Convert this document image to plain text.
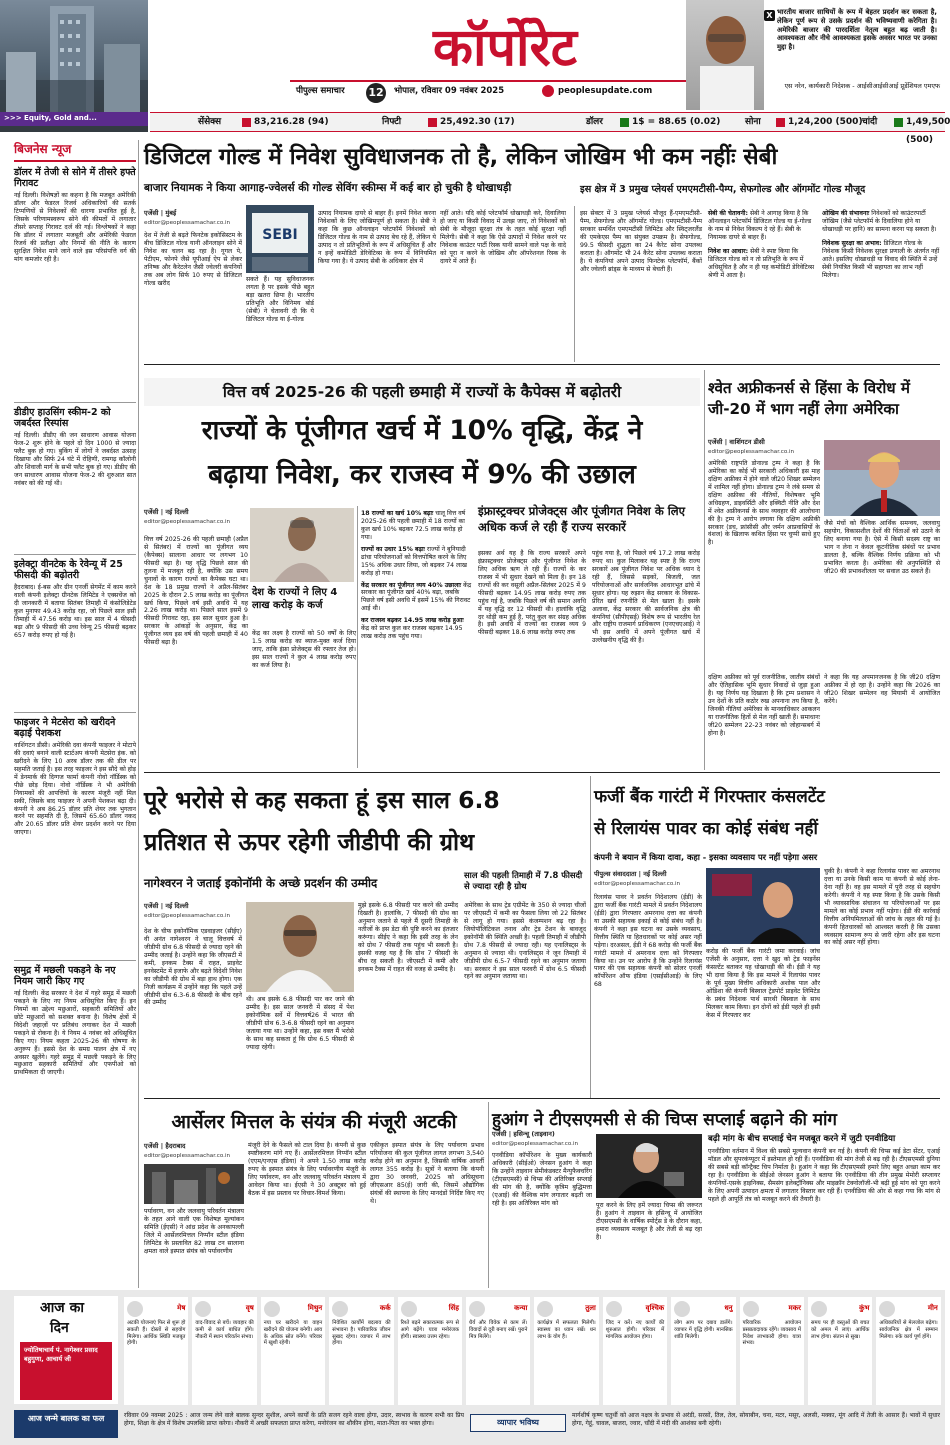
>>> Equity, Gold and...
कॉर्पोरेट
पीपुल्स समाचार 12 भोपाल, रविवार 09 नवंबर 2025	peoplesupdate.com
X भारतीय बाजार साथियों के रूप में बेहतर प्रदर्शन कर सकता है, लेकिन पूर्ण रूप से उसके प्रदर्शन की भविष्यवाणी करेगिता है। अमेरिकी बाजार की पारदर्शिता नेतृत्व बहुत बढ़ जाती है। आवश्यकता और नीचे आवश्यकता इसके अवसर भारत पर उनका मुद्दा है।
एस नरेन, कार्यकारी निदेशक - आईसीआईसीआई प्रूडेंशियल एमएफ
सेंसेक्स	83,216.28 (94)	निफ्टी	25,492.30 (17)	डॉलर	1$ = 88.65 (0.02)	सोना	1,24,200 (500) चांदी	1,49,500 (500)
बिजनेस न्यूज
डॉलर में तेजी से सोने में तीसरे हफ्ते गिरावट
नई दिल्ली। विशेषज्ञों का कहना है कि मजबूत अमेरिकी डॉलर और फेडरल रिजर्व अधिकारियों की सतर्क टिप्पणियों से निवेशकों की धारणा प्रभावित हुई है, जिसके परिणामस्वरूप सोने की कीमतों में लगातार तीसरे सप्ताह गिरावट दर्ज की गई। विश्लेषकों ने कहा कि डॉलर में लगातार मजबूती और अमेरिकी फेडरल रिजर्व की प्रतीक्षा और निगमों की नीति के कारण सुरक्षित निवेश माने जाने वाले इस परिसंपत्ति वर्ग की मांग कमजोर रही है।
डीडीए हाउसिंग स्कीम-2 को जबर्दस्त रिस्पांस
नई दिल्ली। डीडीए की जन साधारण आवास योजना फेज-2 शुरू होने के पहले दो दिन 1000 से ज्यादा फ्लैट बुक हो गए। बुकिंग में लोगों ने जबर्दस्त उत्साह दिखाया और सिर्फ 24 घंटे में रोहिणी, रामगढ़ कॉलोनी और शिवाजी मार्ग के सभी फ्लैट बुक हो गए। डीडीए की जन साधारण आवास योजना फेज-2 की शुरुआत सात नवंबर को की गई थी।
इलेक्ट्रा वीनटेक के रेवेन्यू में 25 फीसदी की बढ़ोतरी
हैदराबाद। ई-बस और ग्रीन एनर्जी सेगमेंट में काम करने वाली कंपनी इलेक्ट्रा ग्रीनटेक लिमिटेड ने एक्सचेंज को दी जानकारी में बताया सितंबर तिमाही में कंसोलिडेटेड कुल मुनाफा 49.43 करोड़ रहा, जो पिछले साल इसी तिमाही में 47.56 करोड़ था। इस साल में 4 फीसदी बढ़ा और 9 फीसदी की उच्च रेवेन्यू 25 फीसदी बढ़कर 657 करोड़ रुपए हो गई है।
फाइजर ने मेटसेरा को खरीदने बढ़ाई पेशकश
वाशिंगटन डीसी। अमेरिकी दवा कंपनी फाइजर ने मोटापे की दवाएं बनाने वाली स्टार्टअप कंपनी मेटसेरा इंक. को खरीदने के लिए 10 अरब डॉलर तक की डील पर सहमति जताई है। इस तरह फाइजर ने इस सौदे को होड़ में डेनमार्क की दिग्गज फार्मा कंपनी नोवो नॉर्डिस्क को पीछे छोड़ दिया। नोवो नॉर्डिस्क ने भी अमेरिकी नियामकों की आपत्तियों के कारण मंजूरी नहीं मिल सकी, जिसके बाद फाइजर ने अपनी पेशकश बढ़ा दी। कंपनी ने अब 86.25 डॉलर प्रति शेयर तक भुगतान करने पर सहमति दी है, जिसमें 65.60 डॉलर नकद और 20.65 डॉलर प्रति शेयर प्रदर्शन करने पर दिया जाएगा।
समुद्र में मछली पकड़ने के नए नियम जारी किए गए
नई दिल्ली। केंद्र सरकार ने देश में गहरे समुद्र में मछली पकड़ने के लिए नए नियम अधिसूचित किए हैं। इन नियमों का उद्देश्य मछुआरों, सहकारी समितियों और छोटे मछुआरों को सशक्त बनाना है। विशेष क्षेत्रों में विदेशी जहाज़ों पर प्रतिबंध लगाकर देश में मछली पकड़ने से रोकना है। ये नियम 4 नवंबर को अधिसूचित किए गए। नियम कहता 2025-26 की घोषणा के अनुरूप हैं। इससे देश के समग्र पालन क्षेत्र में नए अवसर खुलेंगे। गहरे समुद्र में मछली पकड़ने के लिए मछुआरा सहकारी समितियों और एफपीओ को प्राथमिकता दी जाएगी।
डिजिटल गोल्ड में निवेश सुविधाजनक तो है, लेकिन जोखिम भी कम नहींः सेबी
बाजार नियामक ने किया आगाह-ज्वेलर्स की गोल्ड सेविंग स्कीम्स में कई बार हो चुकी है धोखाधड़ी	इस क्षेत्र में 3 प्रमुख प्लेयर्स एमएमटीसी-पैम्प, सेफगोल्ड और ऑगमोंट गोल्ड मौजूद
एजेंसी | मुंबई
editor@peoplessamachar.co.in
SEBI
देश में तेजी से बढ़ते फिनटेक इकोसिस्टम के बीच डिजिटल गोल्ड यानी ऑनलाइन सोने में निवेश का चलन बढ़ रहा है। गूगल पे, पेटीएम, फोनपे जैसे यूपीआई ऐप से लेकर तनिष्क और कैरेटलेन जैसी ज्वेलरी कंपनियों तक अब लोग सिर्फ 10 रुपए से डिजिटल गोल्ड खरीद
सकते हैं। यह सुविधाजनक लगता है पर इसके पीछे बहुत बड़ा खतरा छिपा है। भारतीय प्रतिभूति और विनिमय बोर्ड (सेबी) ने चेतावनी दी कि ये डिजिटल गोल्ड या ई-गोल्ड
उत्पाद नियामक दायरे से बाहर हैं। इनमें निवेश करना निवेशकों के लिए जोखिमपूर्ण हो सकता है। सेबी ने कहा कि कुछ ऑनलाइन प्लेटफॉर्म निवेशकों को डिजिटल गोल्ड के नाम से उत्पाद बेच रहे हैं, लेकिन ये उत्पाद न तो प्रतिभूतियों के रूप में अधिसूचित हैं और न इन्हें कमोडिटी डेरिवेटिव्स के रूप में विनियमित किया गया है। ये उत्पाद सेबी के अधिकार क्षेत्र में
नहीं आते। यदि कोई प्लेटफॉर्म धोखाधड़ी करे, दिवालिया हो जाए या किसी विवाद में उलझ जाए, तो निवेशकों को सेबी के मौजूदा सुरक्षा तंत्र के तहत कोई सुरक्षा नहीं मिलेगी। सेबी ने कहा कि ऐसे उत्पादों में निवेश करने पर निवेशक काउंटर पार्टी रिस्क यानी सामने वाले पक्ष के वादे को पूरा न करने के जोखिम और ऑपरेशनल रिस्क के दायरे में आते हैं।
इस सेक्टर में 3 प्रमुख प्लेयर्स मौजूद हैं-एमएमटीसी-पैम्प, सेफगोल्ड और ऑगमोंट गोल्ड। एमएमटीसी-पैम्प सरकार समर्थित एमएमटीसी लिमिटेड और स्विट्जरलैंड की एमकेएस पैम्प का संयुक्त उपक्रम है। सेफगोल्ड, 99.5 फीसदी शुद्धता का 24 कैरेट सोना उपलब्ध कराता है। ऑगमोंट भी 24 कैरेट सोना उपलब्ध कराता है। ये कंपनियां अपने उत्पाद फिनटेक प्लेटफॉर्म, बैंकों और ज्वेलरी ब्रांड्स के माध्यम से बेचती हैं।
सेबी की चेतावनी: सेबी ने आगाह किया है कि ऑनलाइन प्लेटफॉर्म डिजिटल गोल्ड या ई-गोल्ड के नाम से निवेश विकल्प दे रहे हैं। सेबी के नियामक दायरे से बाहर हैं।
निवेश का आधार: सेबी ने स्पष्ट किया कि डिजिटल गोल्ड को न तो प्रतिभूति के रूप में अधिसूचित है और न ही यह कमोडिटी डेरिवेटिव्स श्रेणी में आता है।
ओखिम की संभावनाः निवेशकों को काउंटरपार्टी जोखिम (जैसे प्लेटफॉर्म के दिवालिया होने या धोखाधड़ी पर हानि) का सामना करना पड़ सकता है।
निवेशक सुरक्षा का अभाव: डिजिटल गोल्ड के निवेशक किसी निवेशक सुरक्षा प्रणाली के अंतर्गत नहीं आते। इसलिए धोखाधड़ी या विवाद की स्थिति में उन्हें सेबी नियंत्रित किसी भी सहायता का लाभ नहीं मिलेगा।
वित्त वर्ष 2025-26 की पहली छमाही में राज्यों के कैपेक्स में बढ़ोतरी
राज्यों के पूंजीगत खर्च में 10% वृद्धि, केंद्र ने
बढ़ाया निवेश, कर राजस्व में 9% की उछाल
एजेंसी | नई दिल्ली
editor@peoplessamachar.co.in
इंफ्रास्ट्रक्चर प्रोजेक्ट्स और पूंजीगत निवेश के लिए अधिक कर्ज ले रही हैं राज्य सरकारें
वित्त वर्ष 2025-26 की पहली छमाही (अप्रैल से सितंबर) में राज्यों का पूंजीगत व्यय (कैपेक्स) सालाना आधार पर लगभग 10 फीसदी बढ़ा है। यह वृद्धि पिछले साल की तुलना में मजबूत रही है, क्योंकि उस समय चुनावों के कारण राज्यों का कैपेक्स घटा था। देश के 18 प्रमुख राज्यों ने अप्रैल-सितंबर 2025 के दौरान 2.5 लाख करोड़ का पूंजीगत खर्च किया, पिछले वर्ष इसी अवधि में यह 2.26 लाख करोड़ था। पिछले साल इसमें 9 फीसदी गिरावट रहा, इस साल सुधार हुआ है। सरकार के आंकड़ों के अनुसार, केंद्र का पूंजीगत व्यय इस वर्ष की पहली छमाही में 40 फीसदी बढ़ा है।
देश के राज्यों ने लिए 4 लाख करोड़ के कर्ज
केंद्र का लक्ष्य है राज्यों को 50 वर्षों के लिए 1.5 लाख करोड़ का ब्याज-मुक्त कर्ज दिया जाए, ताकि इंफ्रा प्रोजेक्ट्स की रफ्तार तेज हो। इस साल राज्यों ने कुल 4 लाख करोड़ रुपए का कर्ज लिया है।
18 राज्यों का खर्च 10% बढ़ाः चालू वित्त वर्ष 2025-26 की पहली छमाही में 18 राज्यों का कुल खर्च 10% बढ़कर 72.5 लाख करोड़ हो गया।
राज्यों का उधार 15% बढ़ाः राज्यों ने बुनियादी ढांचा परियोजनाओं को वित्तपोषित करने के लिए 15% अधिक उधार लिया, जो बढ़कर 74 लाख करोड़ हो गया।
केंद्र सरकार का पूंजीगत व्यय 40% उछालाः केंद्र सरकार का पूंजीगत खर्च 40% बढ़ा, जबकि पिछले वर्ष इसी अवधि में इसमें 15% की गिरावट आई थी।
कर राजस्व बढ़कर 14.95 लाख करोड़ हुआः केंद्र को प्राप्त कुल कर राजस्व बढ़कर 14.95 लाख करोड़ तक पहुंच गया।
इसका अर्थ यह है कि राज्य सरकारें अपने इंफ्रास्ट्रक्चर प्रोजेक्ट्स और पूंजीगत निवेश के लिए अधिक ऋण ले रही हैं। राज्यों के कर राजस्व में भी सुधार देखने को मिला है। इन 18 राज्यों की कर वसूली अप्रैल-सितंबर 2025 में 9 फीसदी बढ़कर 14.95 लाख करोड़ रुपए तक पहुंच गई है, जबकि पिछले वर्ष की समान अवधि में यह वृद्धि दर 12 फीसदी थी। हालांकि वृद्धि दर थोड़ी कम हुई है, परंतु कुल कर संग्रह अधिक है। इसी अवधि में राज्यों का राजस्व व्यय 9 फीसदी बढ़कर 18.6 लाख करोड़ रुपए तक
पहुंच गया है, जो पिछले वर्ष 17.2 लाख करोड़ रुपए था। कुल मिलाकर यह स्पष्ट है कि राज्य सरकारें अब पूंजीगत निवेश पर अधिक ध्यान दे रही हैं, जिससे सड़कों, बिजली, जल परियोजनाओं और सार्वजनिक आधारभूत ढांचे में सुधार होगा। यह रुझान केंद्र सरकार के विकास-प्रेरित खर्च रणनीति से मेल खाता है। इसके अलावा, केंद्र सरकार की सार्वजनिक क्षेत्र की कंपनियां (सीपीएसई) विशेष रूप से भारतीय रेल और राष्ट्रीय राजमार्ग प्राधिकरण (एनएचएआई) ने भी इस अवधि में अपने पूंजीगत खर्च में उल्लेखनीय वृद्धि की है।
श्वेत अफ्रीकनर्स से हिंसा के विरोध में जी-20 में भाग नहीं लेगा अमेरिका
एजेंसी | वाशिंगटन डीसी
editor@peoplessamachar.co.in
अमेरिकी राष्ट्रपति डोनाल्ड ट्रम्प ने कहा है कि अमेरिका का कोई भी सरकारी अधिकारी इस माह दक्षिण अफ्रीका में होने वाले जी20 शिखर सम्मेलन में शामिल नहीं होगा। डोनाल्ड ट्रम्प ने लंबे समय से दक्षिण अफ्रीका की नीतियों, विशेषकर भूमि अधिग्रहण, डाइवर्सिटी और इक्विटी नीति और देश में श्वेत अफ्रीकनर्स के साथ व्यवहार की आलोचना की है। ट्रम्प ने आरोप लगाया कि दक्षिण अफ्रीकी सरकार (डच, फ्रांसीसी और जर्मन आप्रवासियों के वंशज) के खिलाफ कथित हिंसा पर चुप्पी साधे हुए है।
जैसे मंचों को वैश्विक आर्थिक समन्वय, जलवायु सहयोग, विकासशील देशों की चिंताओं को उठाने के लिए बनाया गया है। ऐसे में किसी सदस्य राष्ट्र का भाग न लेना न केवल कूटनीतिक संबंधों पर प्रभाव डालता है, बल्कि वैश्विक निर्णय प्रक्रिया को भी प्रभावित करता है। अमेरिका की अनुपस्थिति से जी20 की प्रभावशीलता पर सवाल उठ सकते हैं।
दक्षिण अफ्रीका को पूर्व राजनीतिक, जातीय संबंधों और ऐतिहासिक भूमि सुधार विवादों से जुड़ा हुआ है। यह निर्णय यह दिखाता है कि ट्रम्प प्रशासन ने उन देशों के प्रति कठोर रुख अपनाना तय किया है, जिनकी नीतियां अमेरिका के मानवाधिकार आकलन या राजनीतिक हितों से मेल नहीं खाती हैं। समाधानः जी20 सम्मेलन 22-23 नवंबर को जोहान्सबर्ग में होना है।
ने कहा कि यह अपमानजनक है कि जी20 दक्षिण अफ्रीका में हो रहा है। उन्होंने कहा कि 2026 का जी20 शिखर सम्मेलन वह मियामी में आयोजित करेंगे।
पूरे भरोसे से कह सकता हूं इस साल 6.8
प्रतिशत से ऊपर रहेगी जीडीपी की ग्रोथ
नागेश्वरन ने जताई इकोनॉमी के अच्छे प्रदर्शन की उम्मीद
एजेंसी | नई दिल्ली
editor@peoplessamachar.co.in
देश के चीफ इकोनॉमिक एडवाइजर (सीईए) वी अनंत नागेश्वरन ने चालू वित्तवर्ष में जीडीपी ग्रोथ 6.8 फीसदी से ज्यादा रहने की उम्मीद जताई है। उन्होंने कहा कि जीएसटी में कमी, इनकम टैक्स में राहत, प्राइवेट इनवेस्टमेंट में इजाफे और बढ़ते विदेशी निवेश का जीडीपी की ग्रोथ में बड़ा हाथ होगा। एक निजी कार्यक्रम में उन्होंने कहा कि पहले उन्हें जीडीपी ग्रोथ 6.3-6.8 फीसदी के बीच रहने की उम्मीद	थी। अब इसके 6.8 फीसदी पार कर जाने की उम्मीद है। इस साल जनवरी में संसद में पेश इकोनॉमिक सर्वे में वित्तवर्ष26 में भारत की जीडीपी ग्रोथ 6.3-6.8 फीसदी रहने का अनुमान जताया गया था। उन्होंने कहा, इस वक्त मैं भरोसे के साथ कह सकता हूं कि ग्रोथ 6.5 फीसदी से ज्यादा रहेगी।
मुझे इसके 6.8 फीसदी पार करने की उम्मीद दिखती है। हालांकि, 7 फीसदी की ग्रोथ का अनुमान जताने से पहले मैं दूसरी तिमाही के नतीजों के इस डेटा की पुष्टि करने का इंतजार करूंगा। सीईए ने कहा कि इसी तरह के लेन को ग्रोथ 7 फीसदी तक पहुंच भी सकती है। इसकी वजह यह है कि ग्रोथ 7 फीसदी के बीच रह सकती है। जीएसटी में कमी और इनकम टैक्स में राहत की वजह से उम्मीद है।
साल की पहली तिमाही में 7.8 फीसदी से ज्यादा रही है ग्रोथ
अमेरिका के साथ ट्रेड एग्रीमेंट के 350 से ज्यादा चीजों पर जीएसटी में कमी का फैसला लिया जो 22 सितंबर से लागू हो गया। इससे कंजम्पशन बढ़ रहा है। जियोपॉलिटिकल तनाव और ट्रेड टेंशन के बावजूद इकोनॉमी की स्थिति अच्छी है। पहली तिमाही में जीडीपी ग्रोथ 7.8 फीसदी से ज्यादा रही। यह एनालिस्ट्स के अनुमान से ज्यादा थी। एनालिस्ट्स ने जून तिमाही में जीडीपी ग्रोथ 6.5-7 फीसदी रहने का अनुमान जताया था। सरकार ने इस साल फरवरी में ग्रोथ 6.5 फीसदी रहने का अनुमान जताया था।
फर्जी बैंक गारंटी में गिरफ्तार कंसलटेंट
से रिलायंस पावर का कोई संबंध नहीं
कंपनी ने बयान में किया दावा, कहा - इसका व्यवसाय पर नहीं पड़ेगा असर
पीपुल्स संवाददाता | नई दिल्ली
editor@peoplessamachar.co.in
रिलायंस पावर ने प्रवर्तन निदेशालय (ईडी) के द्वारा फर्जी बैंक गारंटी मामले में प्रवर्तन निदेशालय (ईडी) द्वारा गिरफ्तार अमरनाथ दत्ता का कंपनी या उसकी सहायक इकाई से कोई संबंध नहीं है। कंपनी ने कहा इस घटना का उसके व्यवसाय, वित्तीय स्थिति या हितधारकों पर कोई असर नहीं पड़ेगा। दरअसल, ईडी ने 68 करोड़ की फर्जी बैंक गारंटी मामले में अमरनाथ दत्ता को गिरफ्तार किया था। उन पर आरोप है कि उन्होंने रिलायंस पावर की एक सहायक कंपनी को सोलर एनर्जी कॉर्पोरेशन ऑफ इंडिया (एसईसीआई) के लिए 68
करोड़ की फर्जी बैंक गारंटी जमा करवाई। जांच एजेंसी के अनुसार, दत्ता ने खुद को ट्रेड फाइनेंस कंसल्टेंट बताकर यह धोखाधड़ी की थी। ईडी ने यह भी दावा किया है कि इस मामले में रिलायंस पावर के पूर्व मुख्य वित्तीय अधिकारी अशोक पाल और ओडिशा की कंपनी बिस्वाल ट्रेडपोर्ट प्राइवेट लिमिटेड के प्रबंध निदेशक पार्थ सारथी बिस्वाल के साथ मिलकर काम किया। इन दोनों को ईडी पहले ही इसी केस में गिरफ्तार कर
चुकी है। कंपनी ने कहा रिलायंस पावर का अमरनाथ दत्ता या उनके किसी काम या कंपनी से कोई लेना-देना नहीं है। वह इस मामले में पूरी तरह से सहयोग करेगी। कंपनी ने यह स्पष्ट किया है कि उसके किसी भी व्यावसायिक संचालन या परियोजनाओं पर इस मामले का कोई प्रभाव नहीं पड़ेगा। ईडी की कार्रवाई वित्तीय अनियमितताओं की जांच के तहत की गई है। कंपनी हितधारकों को आश्वस्त करती है कि उसका व्यवसाय सामान्य रूप से जारी रहेगा और इस घटना का कोई असर नहीं होगा।
आर्सेलर मित्तल के संयंत्र की मंजूरी अटकी
एजेंसी | हैदराबाद
editor@peoplessamachar.co.in
पर्यावरण, वन और जलवायु परिवर्तन मंत्रालय के तहत आने वाली एक विशेषज्ञ मूल्यांकन समिति (ईएसी) ने आंध्र प्रदेश के अनकापल्ली जिले में आर्सेलरमित्तल निप्पॉन स्टील इंडिया लिमिटेड के प्रस्तावित 82 लाख टन सालाना क्षमता वाले इस्पात संयंत्र को पर्यावरणीय
मंजूरी देने के फैसले को टाल दिया है। कंपनी से कुछ स्पष्टीकरण मांगे गए हैं। आर्सेलरमित्तल निप्पॉन स्टील (एएम/एनएस इंडिया) ने अपने 1.50 लाख करोड़ रुपए के इस्पात संयंत्र के लिए पर्यावरणीय मंजूरी के लिए पर्यावरण, वन और जलवायु परिवर्तन मंत्रालय में आवेदन किया था। ईएसी ने 30 अक्टूबर को हुई बैठक में इस प्रस्ताव पर विचार-विमर्श किया।
एकीकृत इस्पात संयंत्र के लिए पर्यावरण प्रभाव परियोजना की कुल पूंजीगत लागत लगभग 3,540 करोड़ होने का अनुमान है, जिसकी वार्षिक आवर्ती लागत 355 करोड़ है। सूत्रों ने बताया कि कंपनी द्वारा 30 जनवरी, 2025 को अधिसूचना जीएसआर 85(ई) जारी की, जिसमें औद्योगिक संयंत्रों की स्थापना के लिए मानदंडों निर्दिष्ट किए गए थे।
हुआंग ने टीएसएमसी से की चिप्स सप्लाई बढ़ाने की मांग
एजेंसी | हसिन्चू (ताइवान)
editor@peoplessamachar.co.in	बढ़ी मांग के बीच सप्लाई चेन मजबूत करने में जुटी एनवीडिया
एनवीडिया कॉर्पोरेशन के मुख्य कार्यकारी अधिकारी (सीईओ) जेनसन हुआंग ने कहा कि उन्होंने ताइवान सेमीकंडक्टर मैन्युफैक्चरिंग (टीएसएमसी) से चिप्स की अतिरिक्त सप्लाई की मांग की है, क्योंकि कृत्रिम बुद्धिमत्ता (एआई) की वैश्विक मांग लगातार बढ़ती जा रही है। इस अतिरिक्त मांग को	पूरा करने के लिए हमें ज्यादा चिप्स की जरूरत है। हुआंग ने ताइवान के हसिन्चू में आयोजित टीएसएमसी के वार्षिक स्पोर्ट्स डे के दौरान कहा, हमारा व्यवसाय मजबूत है और तेजी से बढ़ रहा है।
एनवीडिया वर्तमान में विश्व की सबसे मूल्यवान कंपनी बन गई है। कंपनी की चिप्स कई डेटा सेंटर, एआई मॉडल और सुपरकंप्यूटर में इस्तेमाल हो रही हैं। एनवीडिया की मांग तेजी से बढ़ रही है। टीएसएमसी दुनिया की सबसे बड़ी कॉन्ट्रैक्ट चिप निर्माता है। हुआंग ने कहा कि टीएसएमसी हमारे लिए बहुत अच्छा काम कर रहा है। एनवीडिया के सीईओ जेनसन हुआंग ने बताया कि एनवीडिया की तीन प्रमुख मेमोरी सप्लायर कंपनियों-एसके हाइनिक्स, सैमसंग इलेक्ट्रॉनिक्स और माइक्रॉन टेक्नोलॉजी-भी बढ़ी हुई मांग को पूरा करने के लिए अपनी उत्पादन क्षमता में लगातार विस्तार कर रही हैं। एनवीडिया की ओर से कहा गया कि मांग से पहले ही आपूर्ति तंत्र को मजबूत करने की तैयारी है।
आज का
दिन
ज्योतिषाचार्य पं. नागेश्वर प्रसाद बहुगुणा, आचार्य जी
मेष
अटकी योजनाएं फिर से शुरू हो सकती हैं। दोस्तों से सहयोग मिलेगा। आर्थिक स्थिति मजबूत होगी।
वृष
वाद-विवाद से बचें। व्यवहार की कमी से कार्य बाधित होंगे। नौकरी में स्थान परिवर्तन संभव।
मिथुन
नया घर खरीदने या वाहन खरीदने की योजना बनेगी। आय के अधिक स्रोत बनेंगे। परिवार में खुशी रहेगी।
कर्क
निवेशित कार्योंमें बदलाव की संभावना है। पारिवारिक जीवन सुखद रहेगा। व्यापार में लाभ होगा।
सिंह
रिश्ते बढ़ने सकारात्मक रूप से आगे बढ़ेंगे। यात्रा मनोरंजक होगी। स्वास्थ्य उत्तम रहेगा।
कन्या
धैर्य और विवेक से काम लें। विवादों से दूरी बनाए रखें। पुराने मित्र मिलेंगे।
तुला
कार्यक्षेत्र में सफलता मिलेगी। स्वास्थ्य का ध्यान रखें। धन लाभ के योग हैं।
वृश्चिक
जिद न करें। नए कार्यों की शुरुआत होगी। परिवार में मांगलिक आयोजन होगा।
धनु
लोग आप पर दबाव डालेंगे। व्यापार में वृद्धि होगी। मानसिक शांति मिलेगी।
मकर
परिवारिक आयोजन प्रसन्नतादायक रहेंगे। व्यवसाय में निवेश लाभकारी होगा। यात्रा संभव।
कुंभ
समय पर ही वस्तुओं की बचत को अमल में लाएं। आर्थिक लाभ होगा। संतान से सुख।
मीन
अधिकारियों से मेलजोल बढ़ेगा। सार्वजनिक क्षेत्र में सम्मान मिलेगा। रुके कार्य पूर्ण होंगे।
आज जन्मे बालक का फल	रविवार 09 नवम्बर 2025 : आज जन्म लेने वाले बालक सुन्दर सुशील, अपने कार्यों के प्रति सजग रहने वाला होगा, उदार, स्वभाव के कारण सभी का प्रिय होगा, शिक्षा के क्षेत्र में विशेष उपलब्धि प्राप्त करेगा। नौकरी में अच्छी सफलता प्राप्त करेगा, मनोरंजन का शौकीन होगा, माता-पिता का भक्त होगा।	व्यापार भविष्य
मार्गशीर्ष कृष्ण चतुर्थी को आज नक्षत्र के प्रभाव से अरंडी, सरसों, तिल, तेल, सोयाबीन, चना, मटर, मसूर, अलसी, मक्का, मूंग आदि में तेजी के आसार हैं। भावों में सुधार होगा, गेहूं, चावल, बाजरा, ज्वार, चाँदी में मंदी की आशंका बनी रहेगी।
